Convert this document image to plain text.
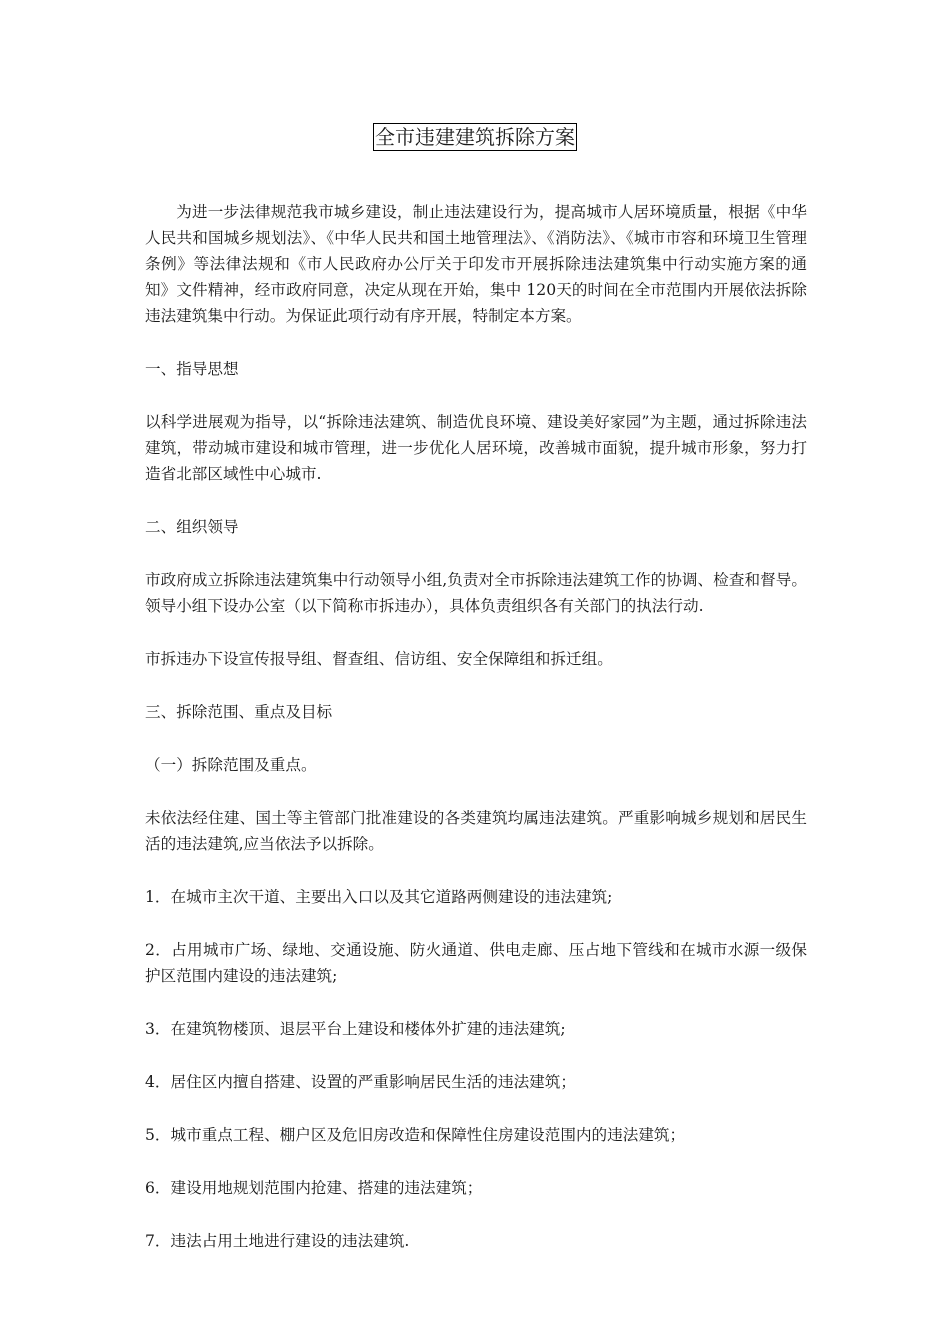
全市违建建筑拆除方案

为进一步法律规范我市城乡建设，制止违法建设行为，提高城市人居环境质量，根据《中华人民共和国城乡规划法》、《中华人民共和国土地管理法》、《消防法》、《城市市容和环境卫生管理条例》等法律法规和《市人民政府办公厅关于印发市开展拆除违法建筑集中行动实施方案的通知》文件精神，经市政府同意，决定从现在开始，集中 120天的时间在全市范围内开展依法拆除违法建筑集中行动。为保证此项行动有序开展，特制定本方案。

一、指导思想

以科学进展观为指导，以“拆除违法建筑、制造优良环境、建设美好家园”为主题，通过拆除违法建筑，带动城市建设和城市管理，进一步优化人居环境，改善城市面貌，提升城市形象，努力打造省北部区域性中心城市.

二、组织领导

市政府成立拆除违法建筑集中行动领导小组,负责对全市拆除违法建筑工作的协调、检查和督导。领导小组下设办公室（以下简称市拆违办），具体负责组织各有关部门的执法行动.

市拆违办下设宣传报导组、督查组、信访组、安全保障组和拆迁组。

三、拆除范围、重点及目标

（一）拆除范围及重点。

未依法经住建、国土等主管部门批准建设的各类建筑均属违法建筑。严重影响城乡规划和居民生活的违法建筑,应当依法予以拆除。

1．在城市主次干道、主要出入口以及其它道路两侧建设的违法建筑;

2．占用城市广场、绿地、交通设施、防火通道、供电走廊、压占地下管线和在城市水源一级保护区范围内建设的违法建筑;

3．在建筑物楼顶、退层平台上建设和楼体外扩建的违法建筑;

4．居住区内擅自搭建、设置的严重影响居民生活的违法建筑；

5．城市重点工程、棚户区及危旧房改造和保障性住房建设范围内的违法建筑；

6．建设用地规划范围内抢建、搭建的违法建筑；

7．违法占用土地进行建设的违法建筑.
